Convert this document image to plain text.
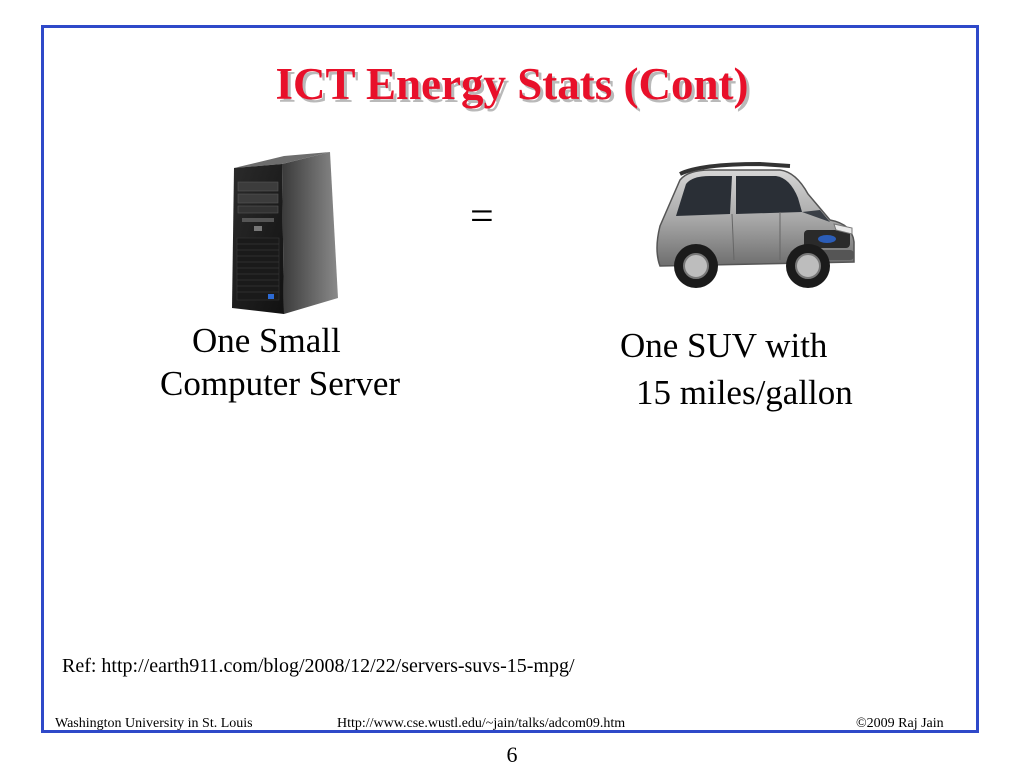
ICT Energy Stats (Cont)
=
One Small
Computer Server
One SUV with
15 miles/gallon
Ref: http://earth911.com/blog/2008/12/22/servers-suvs-15-mpg/
Washington University in St. Louis	Http://www.cse.wustl.edu/~jain/talks/adcom09.htm	©2009 Raj Jain
6
